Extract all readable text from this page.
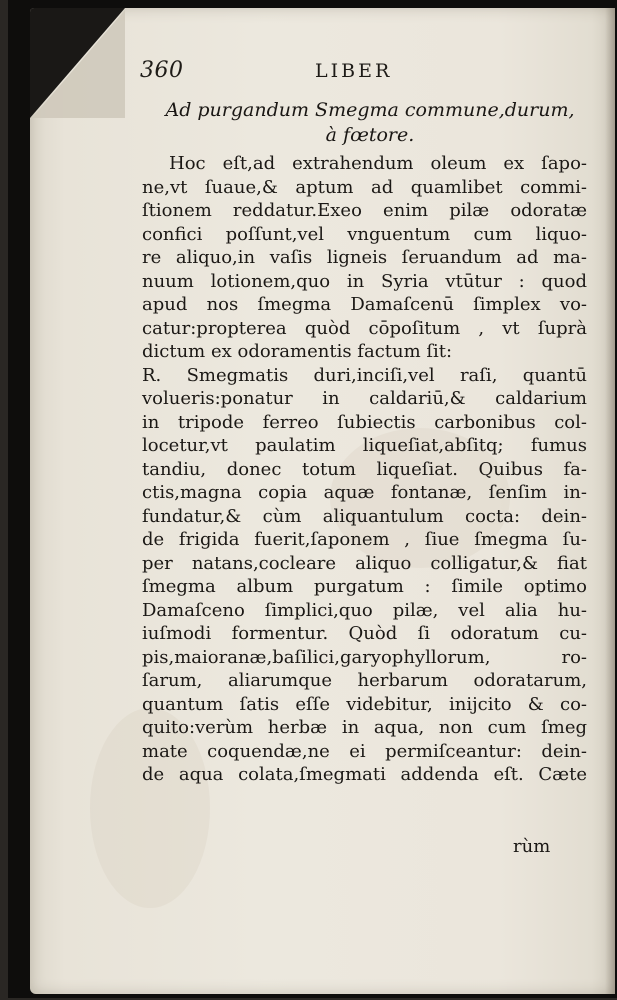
360	LIBER
Ad purgandum Smegma commune,durum,
à fœtore.
Hoc eſt,ad extrahendum oleum ex ſapo-
ne,vt ſuaue,& aptum ad quamlibet commi-
ſtionem reddatur.Exeo enim pilæ odoratæ
confici poſſunt,vel vnguentum cum liquo-
re aliquo,in vaſis ligneis ſeruandum ad ma-
nuum lotionem,quo in Syria vtūtur : quod
apud nos ſmegma Damaſcenū ſimplex vo-
catur:propterea quòd cōpoſitum , vt ſuprà
dictum ex odoramentis factum ſit:
R. Smegmatis duri,inciſi,vel raſi, quantū
volueris:ponatur in caldariū,& caldarium
in tripode ferreo ſubiectis carbonibus col-
locetur,vt paulatim liqueſiat,abſitq; fumus
tandiu, donec totum liqueſiat. Quibus fa-
ctis,magna copia aquæ fontanæ, ſenſim in-
fundatur,& cùm aliquantulum cocta: dein-
de frigida fuerit,ſaponem , ſiue ſmegma ſu-
per natans,cocleare aliquo colligatur,& fiat
ſmegma album purgatum : ſimile optimo
Damaſceno ſimplici,quo pilæ, vel alia hu-
iuſmodi formentur. Quòd ſi odoratum cu-
pis,maioranæ,baſilici,garyophyllorum, ro-
ſarum, aliarumque herbarum odoratarum,
quantum ſatis eſſe videbitur, inijcito & co-
quito:verùm herbæ in aqua, non cum ſmeg
mate coquendæ,ne ei permiſceantur: dein-
de aqua colata,ſmegmati addenda eſt. Cæte
rùm
